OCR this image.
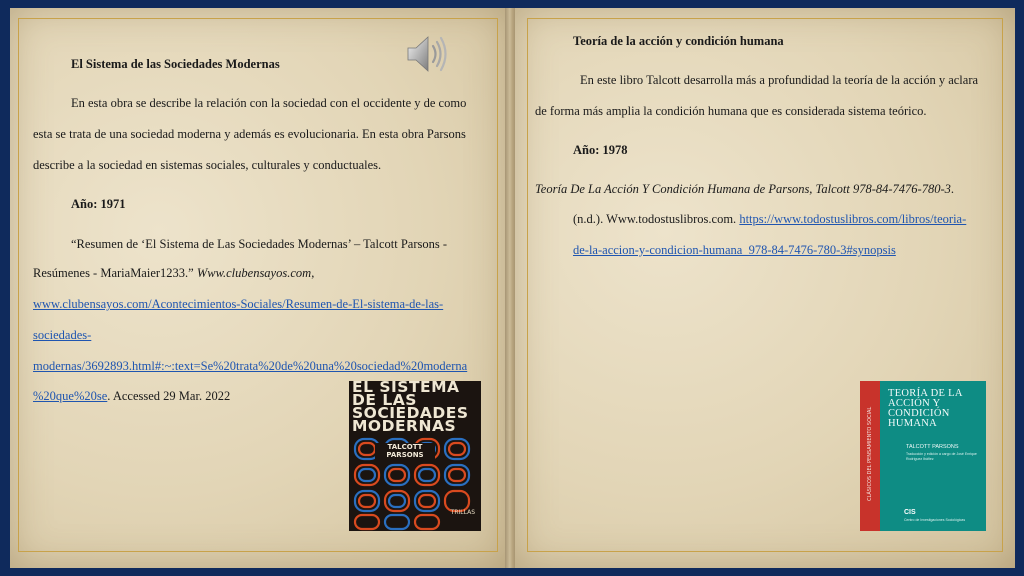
El Sistema de las Sociedades Modernas
En esta obra se describe la relación con la sociedad con el occidente y de como
esta se trata de una sociedad moderna y además es evolucionaria. En esta obra Parsons
describe a la sociedad en sistemas sociales, culturales y conductuales.
Año: 1971
“Resumen de ‘El Sistema de Las Sociedades Modernas’ – Talcott Parsons -
Resúmenes - MariaMaier1233.” Www.clubensayos.com,
www.clubensayos.com/Acontecimientos-Sociales/Resumen-de-El-sistema-de-las-
sociedades-
modernas/3692893.html#:~:text=Se%20trata%20de%20una%20sociedad%20moderna
%20que%20se. Accessed 29 Mar. 2022	EL SISTEMA
DE LAS
SOCIEDADES
MODERNAS
TALCOTT
PARSONS
TRILLAS
Teoría de la acción y condición humana
En este libro Talcott desarrolla más a profundidad la teoría de la acción y aclara
de forma más amplia la condición humana que es considerada sistema teórico.
Año: 1978
Teoría De La Acción Y Condición Humana de Parsons, Talcott 978-84-7476-780-3.
(n.d.). Www.todostuslibros.com. https://www.todostuslibros.com/libros/teoria-
de-la-accion-y-condicion-humana_978-84-7476-780-3#synopsis
CLÁSICOS DEL PENSAMIENTO SOCIAL
TEORÍA DE LA ACCIÓN Y CONDICIÓN HUMANA
TALCOTT PARSONS
Traducción y edición a cargo de José Enrique Rodríguez Ibáñez
CIS
Centro de Investigaciones Sociológicas
